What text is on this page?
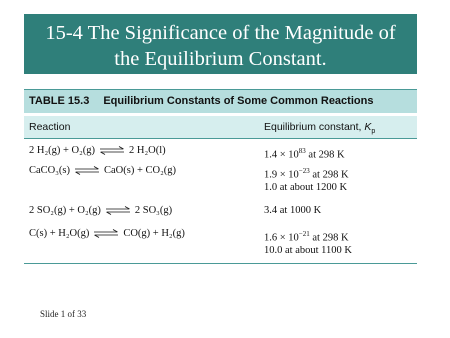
15-4 The Significance of the Magnitude of
the Equilibrium Constant.
TABLE 15.3 Equilibrium Constants of Some Common Reactions
Reaction	Equilibrium constant, $K_p$
2 H₂(g) + O₂(g) ⇌ 2 H₂O(l)	$1.4 \times 10^{83}$ at 298 K
CaCO₃(s) ⇌ CaO(s) + CO₂(g)	$1.9 \times 10^{-23}$ at 298 K
1.0 at about 1200 K
2 SO₂(g) + O₂(g) ⇌ 2 SO₃(g)	3.4 at 1000 K
C(s) + H₂O(g) ⇌ CO(g) + H₂(g)	$1.6 \times 10^{-21}$ at 298 K
10.0 at about 1100 K
Slide 1 of 33
